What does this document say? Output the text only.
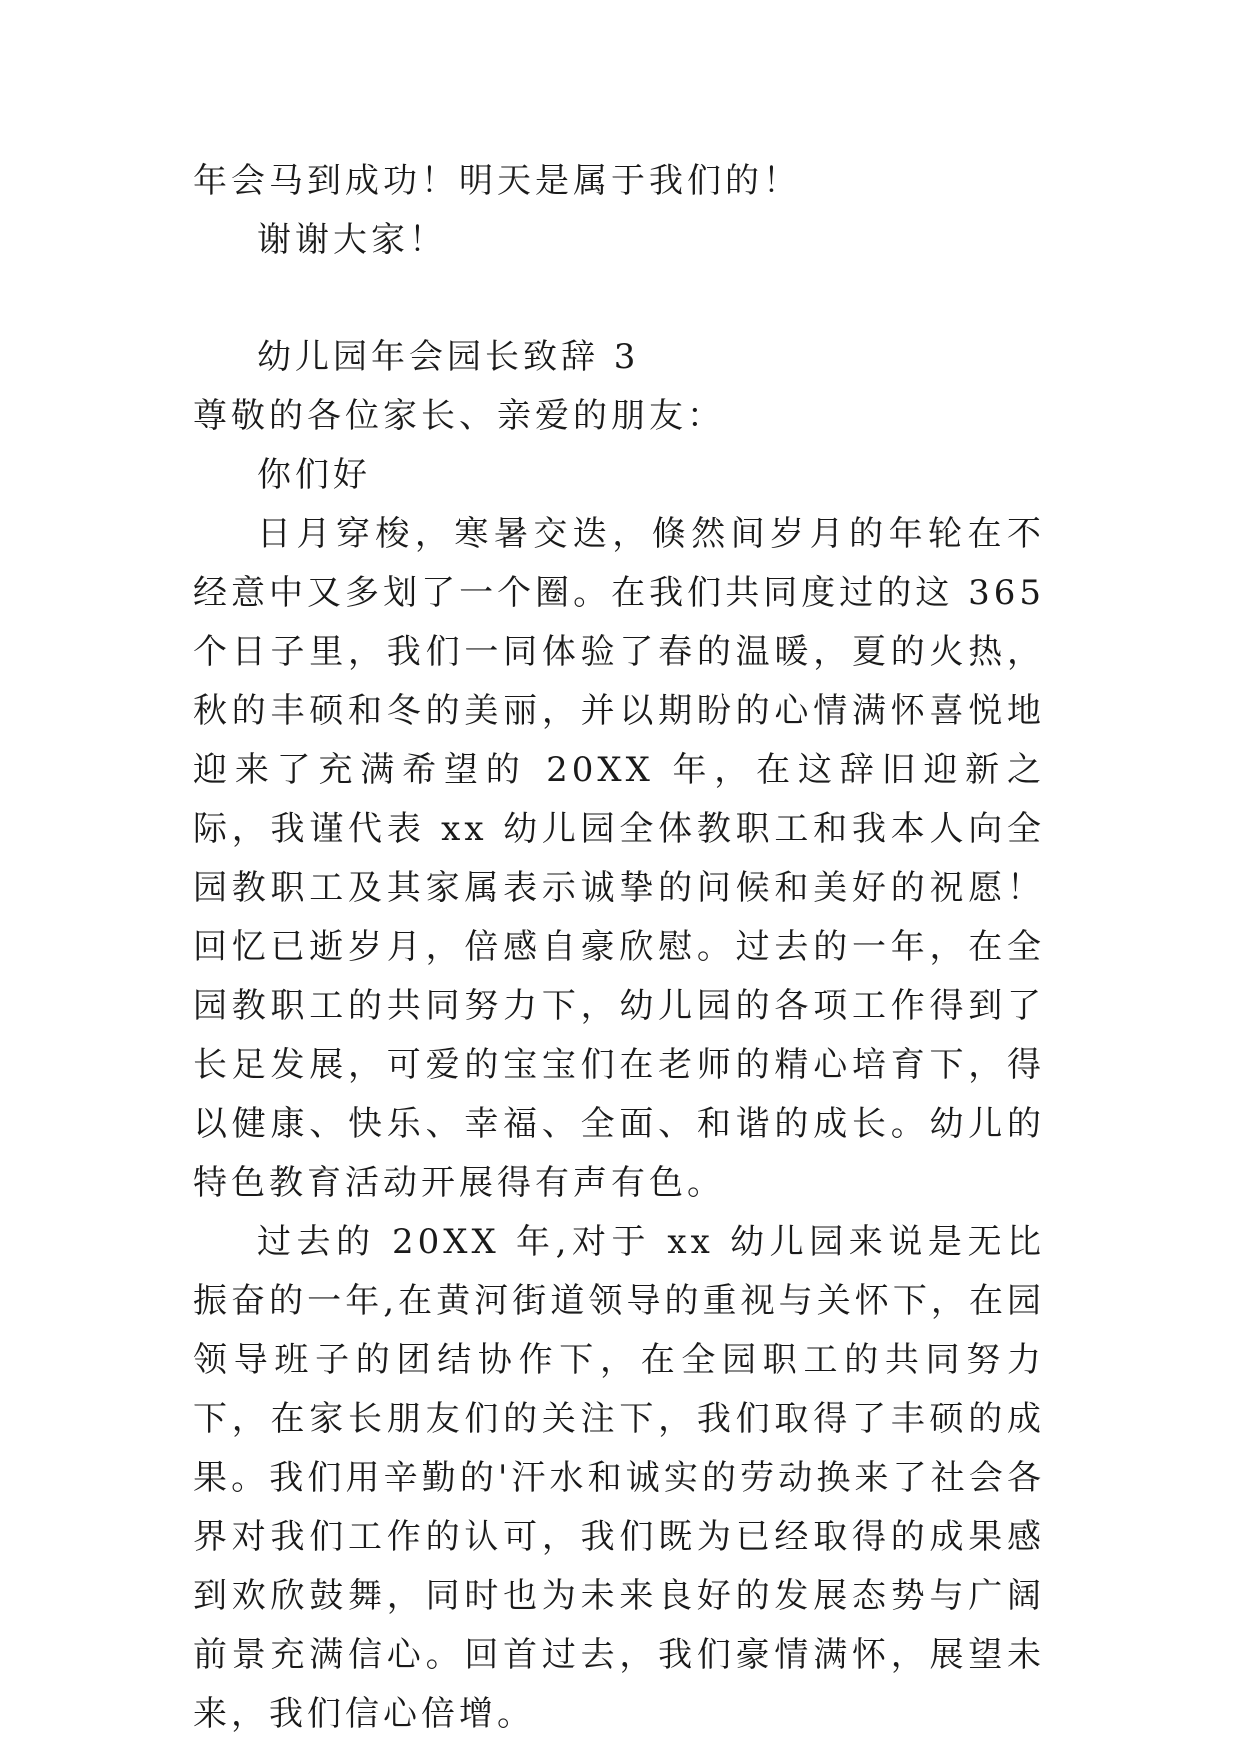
年会马到成功！明天是属于我们的！
谢谢大家！
幼儿园年会园长致辞 3
尊敬的各位家长、亲爱的朋友：
你们好

日月穿梭，寒暑交迭，倏然间岁月的年轮在不经意中又多划了一个圈。在我们共同度过的这 365 个日子里，我们一同体验了春的温暖，夏的火热，秋的丰硕和冬的美丽，并以期盼的心情满怀喜悦地迎来了充满希望的 20XX 年，在这辞旧迎新之际，我谨代表 xx 幼儿园全体教职工和我本人向全园教职工及其家属表示诚挚的问候和美好的祝愿！ 回忆已逝岁月，倍感自豪欣慰。过去的一年，在全园教职工的共同努力下，幼儿园的各项工作得到了长足发展，可爱的宝宝们在老师的精心培育下，得以健康、快乐、幸福、全面、和谐的成长。幼儿的特色教育活动开展得有声有色。

过去的 20XX 年,对于 xx 幼儿园来说是无比振奋的一年,在黄河街道领导的重视与关怀下，在园领导班子的团结协作下，在全园职工的共同努力下，在家长朋友们的关注下，我们取得了丰硕的成果。我们用辛勤的'汗水和诚实的劳动换来了社会各界对我们工作的认可，我们既为已经取得的成果感到欢欣鼓舞，同时也为未来良好的发展态势与广阔前景充满信心。回首过去，我们豪情满怀，展望未来，我们信心倍增。
